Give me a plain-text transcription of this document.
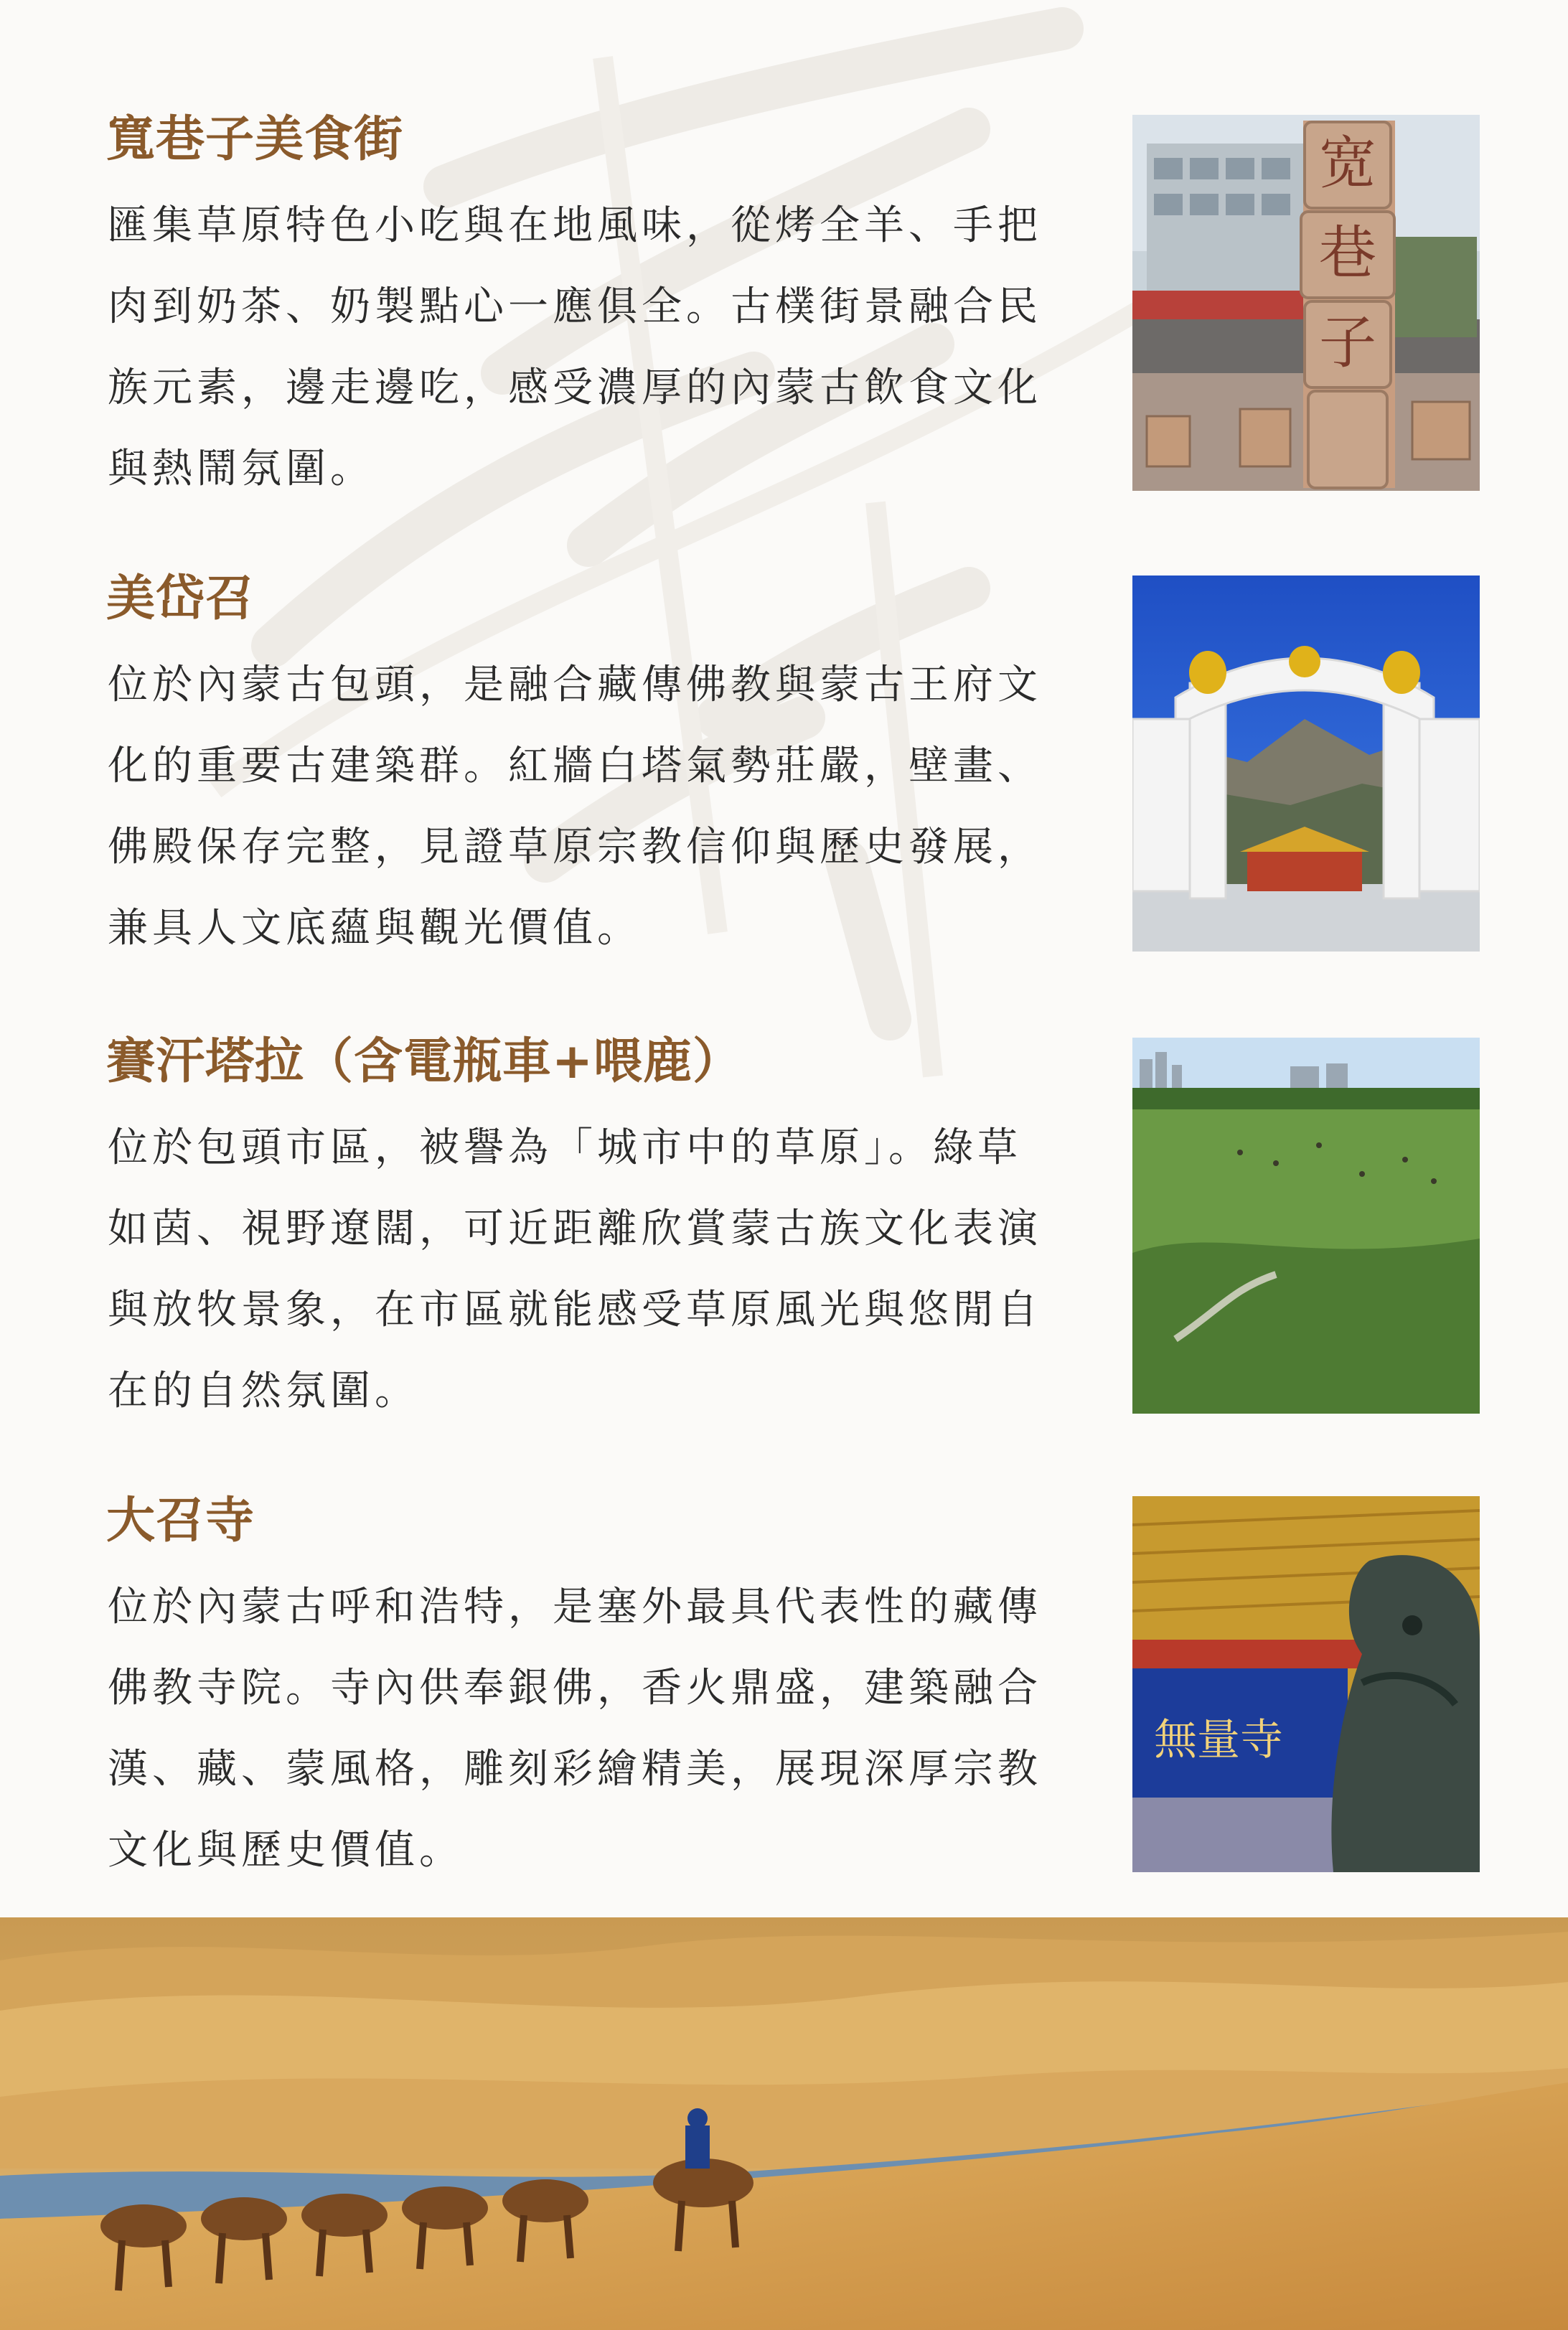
寬巷子美食街

匯集草原特色小吃與在地風味，從烤全羊、手把肉到奶茶、奶製點心一應俱全。古樸街景融合民族元素，邊走邊吃，感受濃厚的內蒙古飲食文化與熱鬧氛圍。

宽
巷
子
美岱召

位於內蒙古包頭，是融合藏傳佛教與蒙古王府文化的重要古建築群。紅牆白塔氣勢莊嚴，壁畫、佛殿保存完整，見證草原宗教信仰與歷史發展，兼具人文底蘊與觀光價值。

賽汗塔拉（含電瓶車+喂鹿）

位於包頭市區，被譽為「城市中的草原」。綠草如茵、視野遼闊，可近距離欣賞蒙古族文化表演與放牧景象，在市區就能感受草原風光與悠閒自在的自然氛圍。

大召寺

位於內蒙古呼和浩特，是塞外最具代表性的藏傳佛教寺院。寺內供奉銀佛，香火鼎盛，建築融合漢、藏、蒙風格，雕刻彩繪精美，展現深厚宗教文化與歷史價值。

無量寺
